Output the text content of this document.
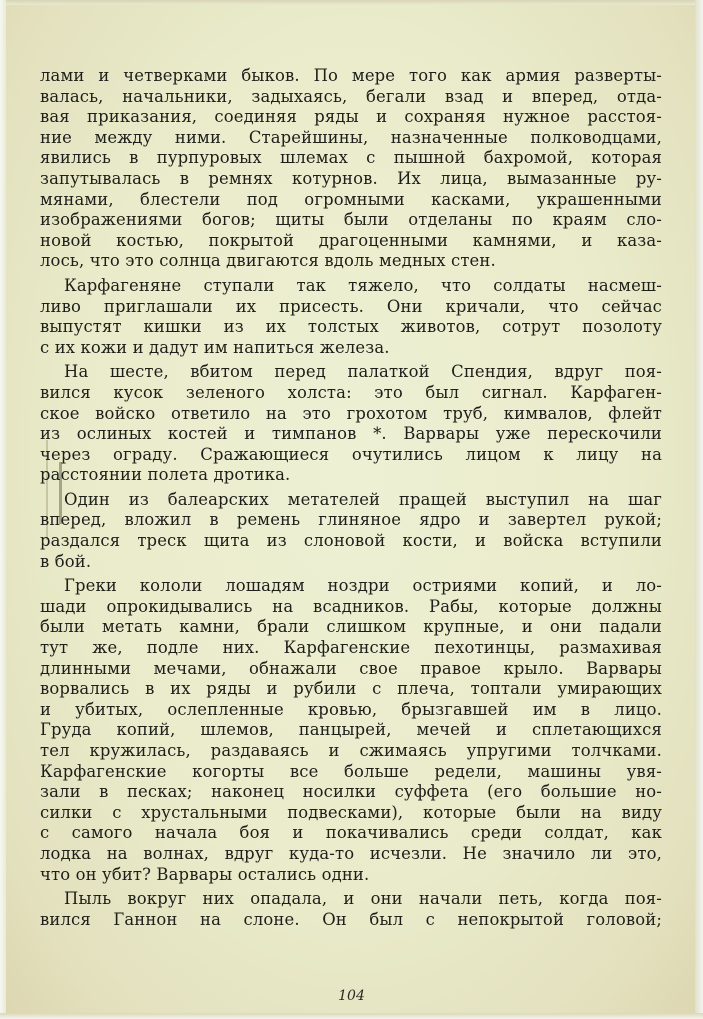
лами и четверками быков. По мере того как армия разверты-
валась, начальники, задыхаясь, бегали взад и вперед, отда-
вая приказания, соединяя ряды и сохраняя нужное расстоя-
ние между ними. Старейшины, назначенные полководцами,
явились в пурпуровых шлемах с пышной бахромой, которая
запутывалась в ремнях котурнов. Их лица, вымазанные ру-
мянами, блестели под огромными касками, украшенными
изображениями богов; щиты были отделаны по краям сло-
новой костью, покрытой драгоценными камнями, и каза-
лось, что это солнца двигаются вдоль медных стен.
Карфагеняне ступали так тяжело, что солдаты насмеш-
ливо приглашали их присесть. Они кричали, что сейчас
выпустят кишки из их толстых животов, сотрут позолоту
с их кожи и дадут им напиться железа.
На шесте, вбитом перед палаткой Спендия, вдруг поя-
вился кусок зеленого холста: это был сигнал. Карфаген-
ское войско ответило на это грохотом труб, кимвалов, флейт
из ослиных костей и тимпанов *. Варвары уже перескочили
через ограду. Сражающиеся очутились лицом к лицу на
расстоянии полета дротика.
Один из балеарских метателей пращей выступил на шаг
вперед, вложил в ремень глиняное ядро и завертел рукой;
раздался треск щита из слоновой кости, и войска вступили
в бой.
Греки кололи лошадям ноздри остриями копий, и ло-
шади опрокидывались на всадников. Рабы, которые должны
были метать камни, брали слишком крупные, и они падали
тут же, подле них. Карфагенские пехотинцы, размахивая
длинными мечами, обнажали свое правое крыло. Варвары
ворвались в их ряды и рубили с плеча, топтали умирающих
и убитых, ослепленные кровью, брызгавшей им в лицо.
Груда копий, шлемов, панцырей, мечей и сплетающихся
тел кружилась, раздаваясь и сжимаясь упругими толчками.
Карфагенские когорты все больше редели, машины увя-
зали в песках; наконец носилки суффета (его большие но-
силки с хрустальными подвесками), которые были на виду
с самого начала боя и покачивались среди солдат, как
лодка на волнах, вдруг куда-то исчезли. Не значило ли это,
что он убит? Варвары остались одни.
Пыль вокруг них опадала, и они начали петь, когда поя-
вился Ганнон на слоне. Он был с непокрытой головой;
104
